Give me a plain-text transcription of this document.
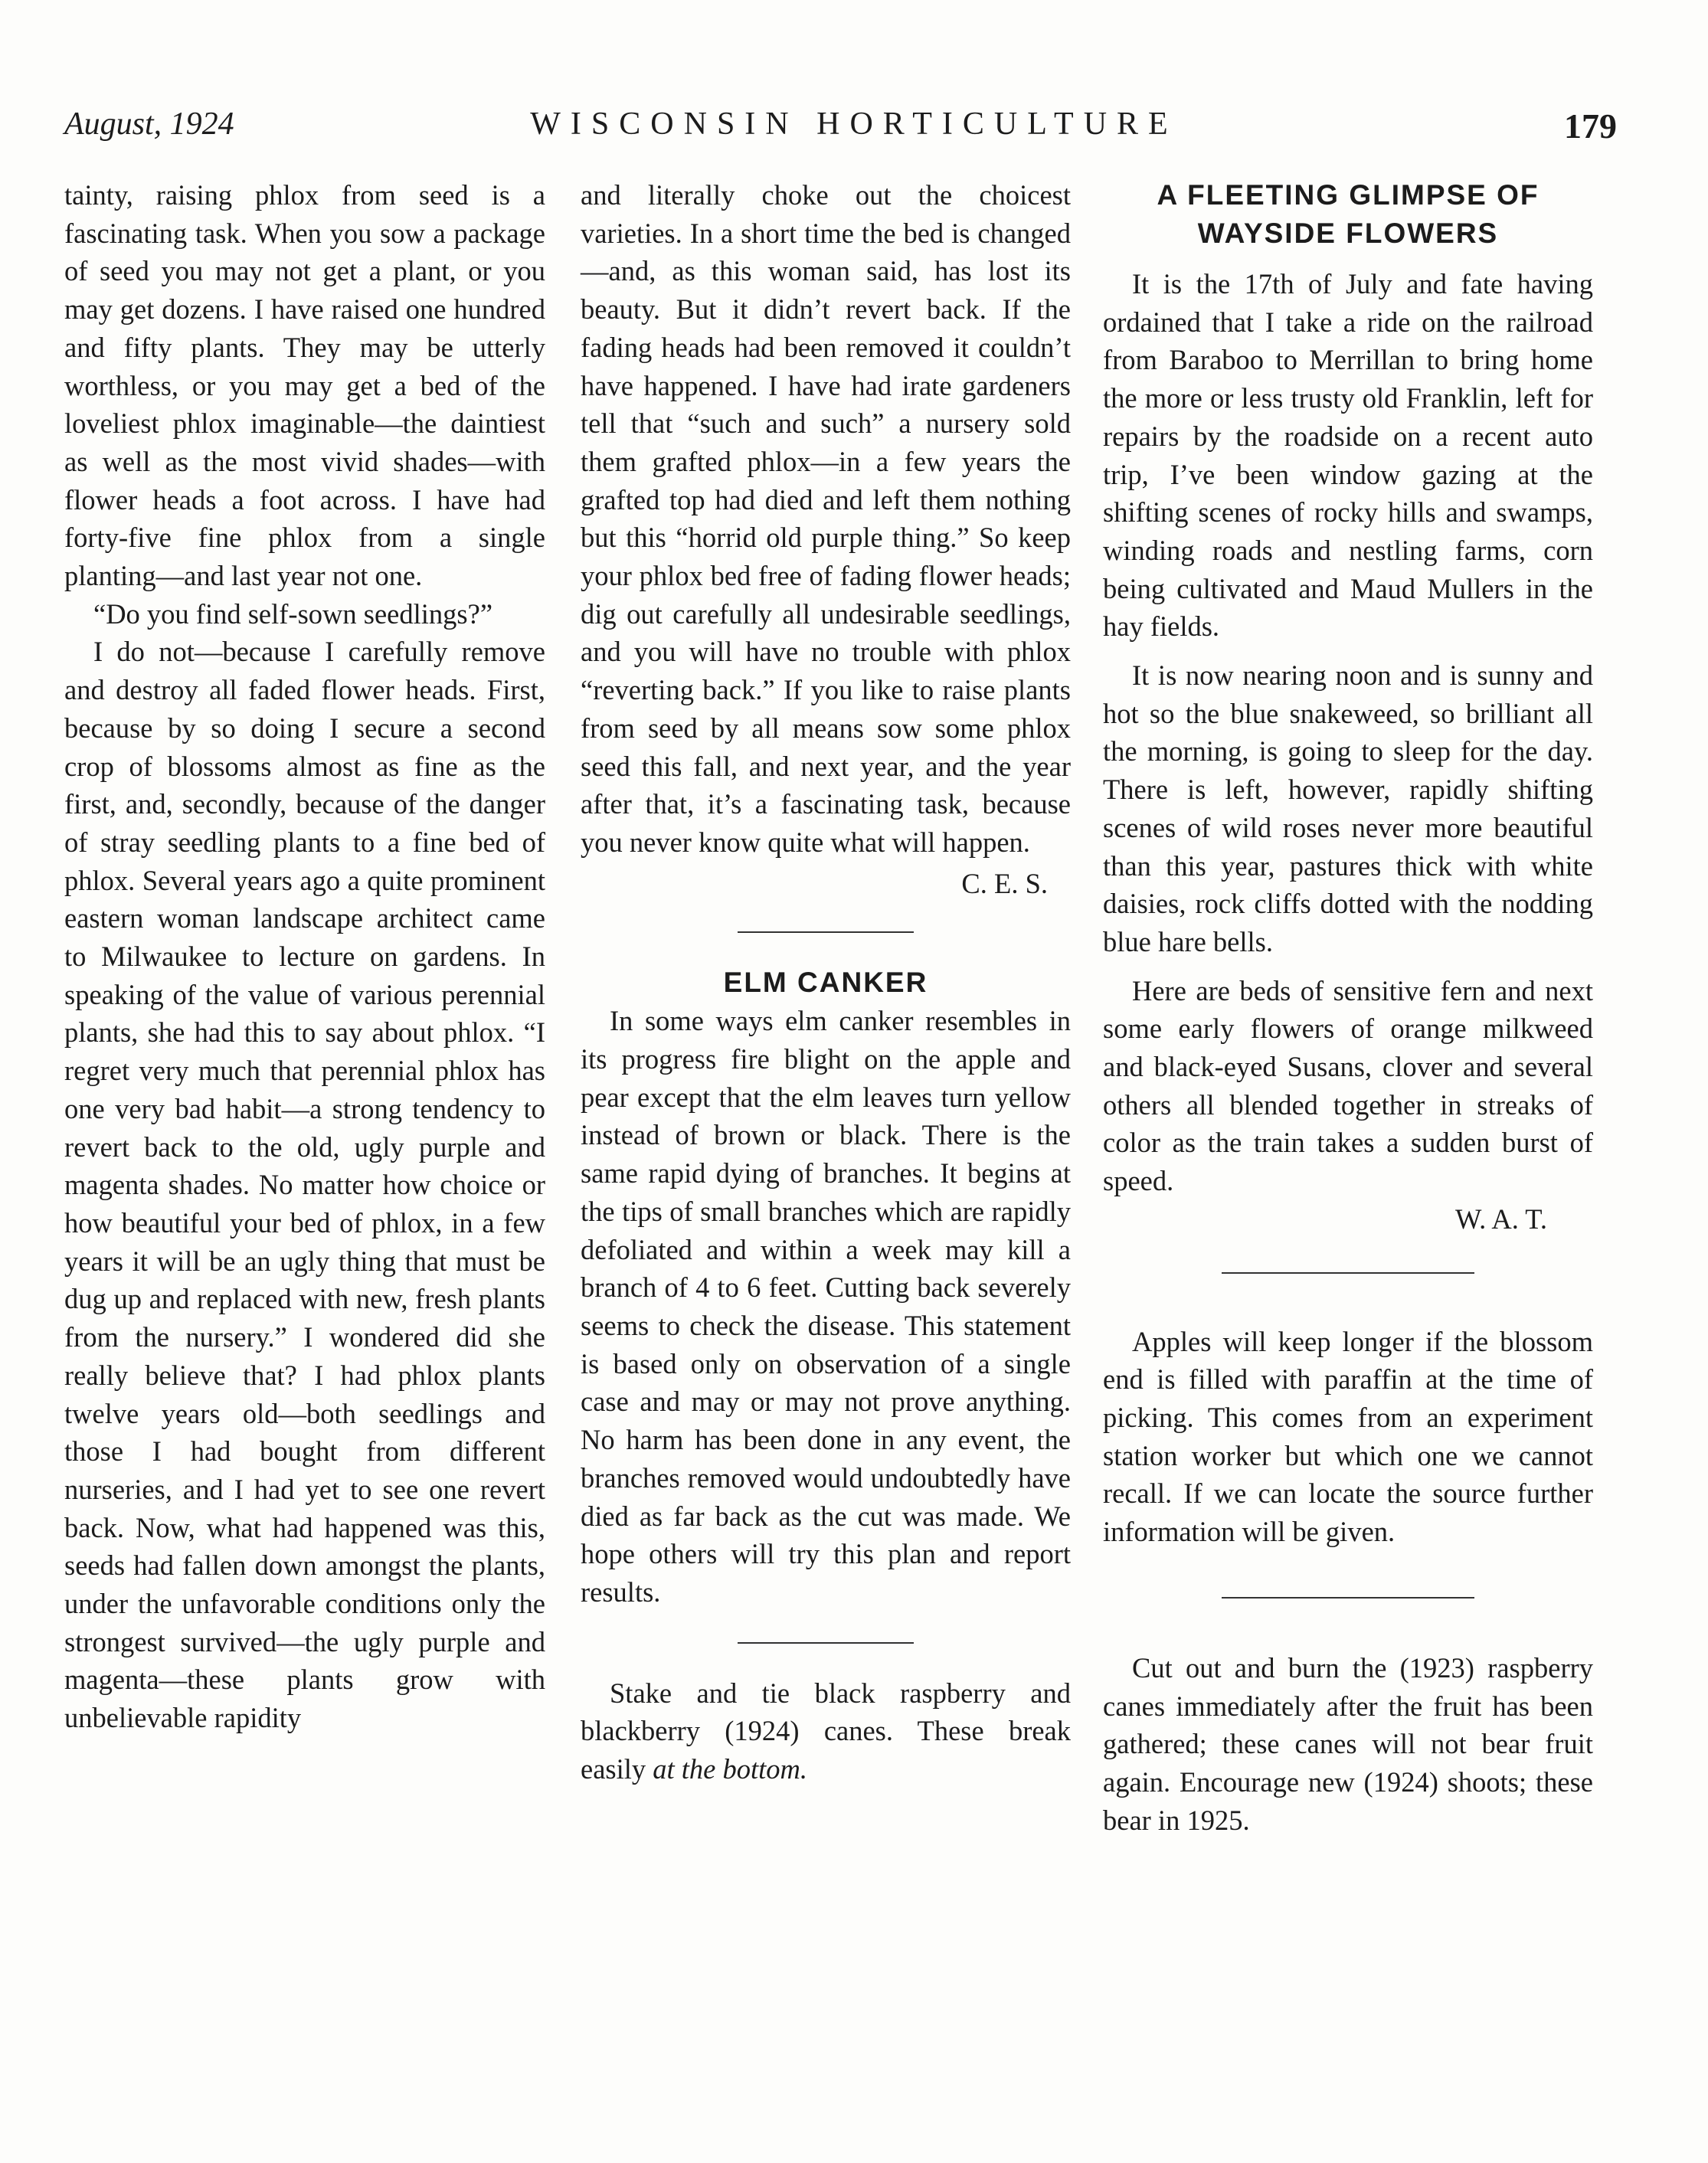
WISCONSIN HORTICULTURE
August, 1924	179

tainty, raising phlox from seed is a fascinating task. When you sow a package of seed you may not get a plant, or you may get dozens. I have raised one hundred and fifty plants. They may be utterly worthless, or you may get a bed of the loveliest phlox imaginable—the daintiest as well as the most vivid shades—with flower heads a foot across. I have had forty-five fine phlox from a single planting—and last year not one.

“Do you find self-sown seedlings?”

I do not—because I carefully remove and destroy all faded flower heads. First, because by so doing I secure a second crop of blossoms almost as fine as the first, and, secondly, because of the danger of stray seedling plants to a fine bed of phlox. Several years ago a quite prominent eastern woman landscape architect came to Milwaukee to lecture on gardens. In speaking of the value of various perennial plants, she had this to say about phlox. “I regret very much that perennial phlox has one very bad habit—a strong tendency to revert back to the old, ugly purple and magenta shades. No matter how choice or how beautiful your bed of phlox, in a few years it will be an ugly thing that must be dug up and replaced with new, fresh plants from the nursery.” I wondered did she really believe that? I had phlox plants twelve years old—both seedlings and those I had bought from different nurseries, and I had yet to see one revert back. Now, what had happened was this, seeds had fallen down amongst the plants, under the unfavorable conditions only the strongest survived—the ugly purple and magenta—these plants grow with unbelievable rapidity

and literally choke out the choicest varieties. In a short time the bed is changed—and, as this woman said, has lost its beauty. But it didn’t revert back. If the fading heads had been removed it couldn’t have happened. I have had irate gardeners tell that “such and such” a nursery sold them grafted phlox—in a few years the grafted top had died and left them nothing but this “horrid old purple thing.” So keep your phlox bed free of fading flower heads; dig out carefully all undesirable seedlings, and you will have no trouble with phlox “reverting back.” If you like to raise plants from seed by all means sow some phlox seed this fall, and next year, and the year after that, it’s a fascinating task, because you never know quite what will happen.

C. E. S.

ELM CANKER

In some ways elm canker resembles in its progress fire blight on the apple and pear except that the elm leaves turn yellow instead of brown or black. There is the same rapid dying of branches. It begins at the tips of small branches which are rapidly defoliated and within a week may kill a branch of 4 to 6 feet. Cutting back severely seems to check the disease. This statement is based only on observation of a single case and may or may not prove anything. No harm has been done in any event, the branches removed would undoubtedly have died as far back as the cut was made. We hope others will try this plan and report results.

Stake and tie black raspberry and blackberry (1924) canes. These break easily at the bottom.

A FLEETING GLIMPSE OF
WAYSIDE FLOWERS

It is the 17th of July and fate having ordained that I take a ride on the railroad from Baraboo to Merrillan to bring home the more or less trusty old Franklin, left for repairs by the roadside on a recent auto trip, I’ve been window gazing at the shifting scenes of rocky hills and swamps, winding roads and nestling farms, corn being cultivated and Maud Mullers in the hay fields.

It is now nearing noon and is sunny and hot so the blue snakeweed, so brilliant all the morning, is going to sleep for the day. There is left, however, rapidly shifting scenes of wild roses never more beautiful than this year, pastures thick with white daisies, rock cliffs dotted with the nodding blue hare bells.

Here are beds of sensitive fern and next some early flowers of orange milkweed and black-eyed Susans, clover and several others all blended together in streaks of color as the train takes a sudden burst of speed.

W. A. T.

Apples will keep longer if the blossom end is filled with paraffin at the time of picking. This comes from an experiment station worker but which one we cannot recall. If we can locate the source further information will be given.

Cut out and burn the (1923) raspberry canes immediately after the fruit has been gathered; these canes will not bear fruit again. Encourage new (1924) shoots; these bear in 1925.
